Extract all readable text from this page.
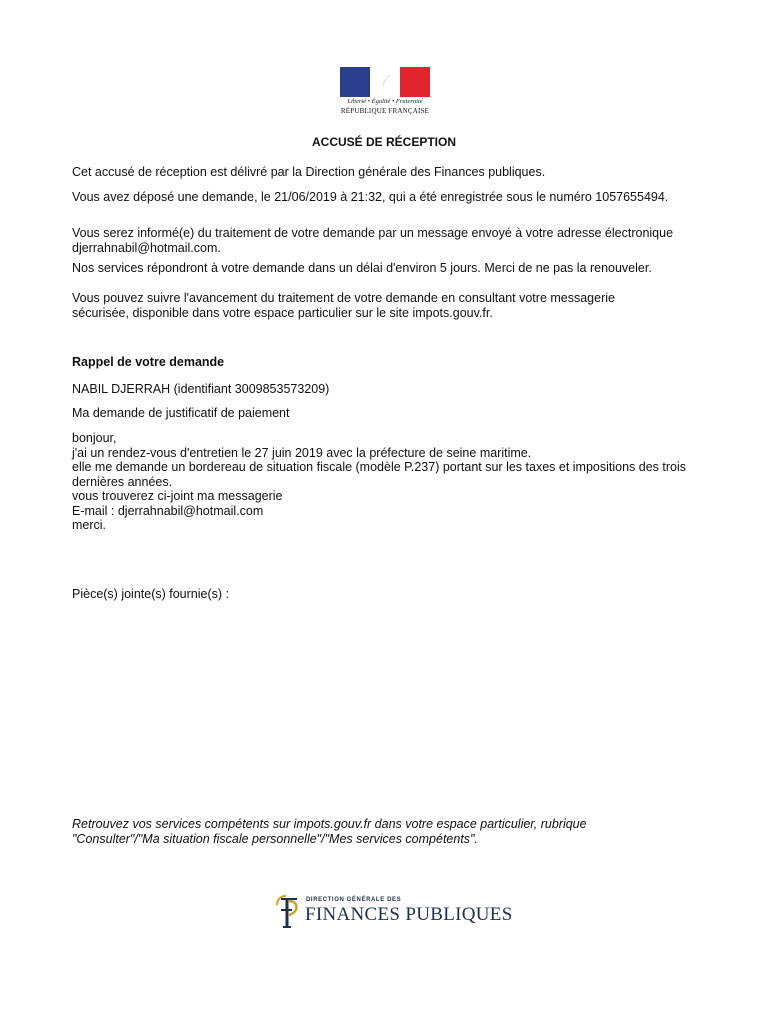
Liberté • Égalité • Fraternité
RÉPUBLIQUE FRANÇAISE
ACCUSÉ DE RÉCEPTION
Cet accusé de réception est délivré par la Direction générale des Finances publiques.
Vous avez déposé une demande, le 21/06/2019 à 21:32, qui a été enregistrée sous le numéro 1057655494.
Vous serez informé(e) du traitement de votre demande par un message envoyé à votre adresse électronique djerrahnabil@hotmail.com.
Nos services répondront à votre demande dans un délai d'environ 5 jours. Merci de ne pas la renouveler.
Vous pouvez suivre l'avancement du traitement de votre demande en consultant votre messagerie sécurisée, disponible dans votre espace particulier sur le site impots.gouv.fr.
Rappel de votre demande
NABIL DJERRAH (identifiant 3009853573209)
Ma demande de justificatif de paiement
bonjour,
j'ai un rendez-vous d'entretien le 27 juin 2019 avec la préfecture de seine maritime.
elle me demande un bordereau de situation fiscale (modèle P.237) portant sur les taxes et impositions des trois dernières années.
vous trouverez ci-joint ma messagerie
E-mail : djerrahnabil@hotmail.com
merci.
Pièce(s) jointe(s) fournie(s) :
Retrouvez vos services compétents sur impots.gouv.fr dans votre espace particulier, rubrique "Consulter"/"Ma situation fiscale personnelle"/"Mes services compétents".
DIRECTION GÉNÉRALE DES
FINANCES PUBLIQUES
